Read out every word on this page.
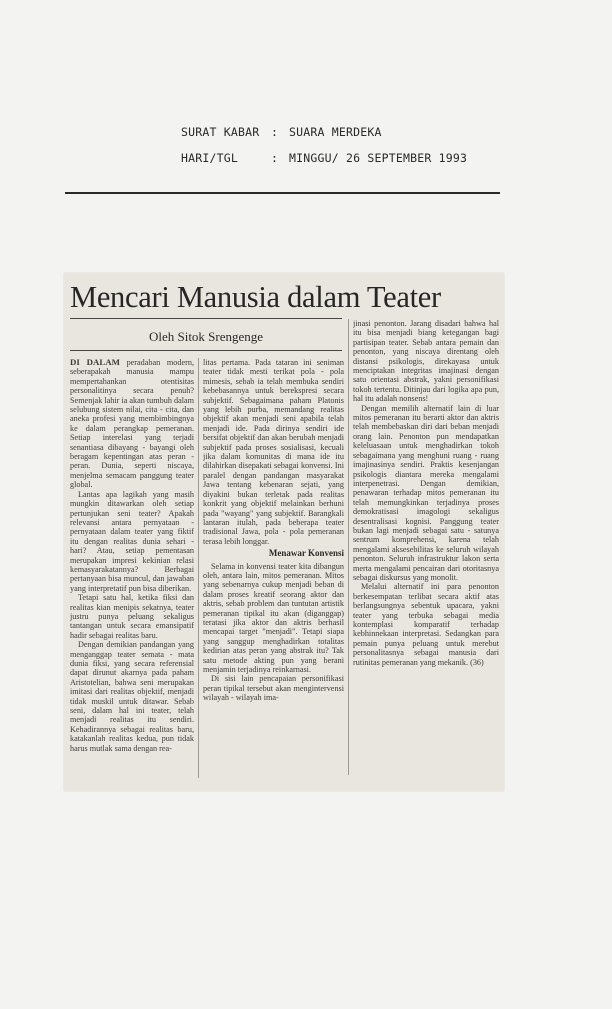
SURAT KABAR : SUARA MERDEKA
HARI/TGL	: MINGGU/ 26 SEPTEMBER 1993
Mencari Manusia dalam Teater
Oleh Sitok Srengenge

DI DALAM peradaban modern, seberapakah manusia mampu mempertahankan otentisitas personalitinya secara penuh? Semenjak lahir ia akan tumbuh dalam selubung sistem nilai, cita - cita, dan aneka profesi yang membimbingnya ke dalam perangkap pemeranan. Setiap interelasi yang terjadi senantiasa dibayang - bayangi oleh beragam kepentingan atas peran - peran. Dunia, seperti niscaya, menjelma semacam panggung teater global.

Lantas apa lagikah yang masih mungkin ditawarkan oleh setiap pertunjukan seni teater? Apakah relevansi antara pernyataan - pernyataan dalam teater yang fiktif itu dengan realitas dunia sehari - hari? Atau, setiap pementasan merupakan impresi kekinian relasi kemasyarakatannya? Berbagai pertanyaan bisa muncul, dan jawaban yang interpretatif pun bisa diberikan.

Tetapi satu hal, ketika fiksi dan realitas kian menipis sekatnya, teater justru punya peluang sekaligus tantangan untuk secara emansipatif hadir sebagai realitas baru.

Dengan demikian pandangan yang menganggap teater semata - mata dunia fiksi, yang secara referensial dapat dirunut akarnya pada paham Aristotelian, bahwa seni merupakan imitasi dari realitas objektif, menjadi tidak muskil untuk ditawar. Sebab seni, dalam hal ini teater, telah menjadi realitas itu sendiri. Kehadirannya sebagai realitas baru, katakanlah realitas kedua, pun tidak harus mutlak sama dengan rea-

litas pertama. Pada tataran ini seniman teater tidak mesti terikat pola - pola mimesis, sebab ia telah membuka sendiri kebebasannya untuk berekspresi secara subjektif. Sebagaimana paham Platonis yang lebih purba, memandang realitas objektif akan menjadi seni apabila telah menjadi ide. Pada dirinya sendiri ide bersifat objektif dan akan berubah menjadi subjektif pada proses sosialisasi, kecuali jika dalam komunitas di mana ide itu dilahirkan disepakati sebagai konvensi. Ini paralel dengan pandangan masyarakat Jawa tentang kebenaran sejati, yang diyakini bukan terletak pada realitas konkrit yang objektif melainkan berhuni pada "wayang" yang subjektif. Barangkali lantaran itulah, pada beberapa teater tradisional Jawa, pola - pola pemeranan terasa lebih longgar.

Menawar Konvensi

Selama in konvensi teater kita dibangun oleh, antara lain, mitos pemeranan. Mitos yang sebenarnya cukup menjadi beban di dalam proses kreatif seorang aktor dan aktris, sebab problem dan tuntutan artistik pemeranan tipikal itu akan (diganggap) teratasi jika aktor dan aktris berhasil mencapai target "menjadi". Tetapi siapa yang sanggup menghadirkan totalitas kedirian atas peran yang abstrak itu? Tak satu metode akting pun yang berani menjamin terjadinya reinkarnasi.

Di sisi lain pencapaian personifikasi peran tipikal tersebut akan mengintervensi wilayah - wilayah ima-

jinasi penonton. Jarang disadari bahwa hal itu bisa menjadi biang ketegangan bagi partisipan teater. Sebab antara pemain dan penonton, yang niscaya direntang oleh distansi psikologis, direkayasa untuk menciptakan integritas imajinasi dengan satu orientasi abstrak, yakni personifikasi tokoh tertentu. Ditinjau dari logika apa pun, hal itu adalah nonsens!

Dengan memilih alternatif lain di luar mitos pemeranan itu berarti aktor dan aktris telah membebaskan diri dari beban menjadi orang lain. Penonton pun mendapatkan keleluasaan untuk menghadirkan tokoh sebagaimana yang menghuni ruang - ruang imajinasinya sendiri. Praktis kesenjangan psikologis diantara mereka mengalami interpenetrasi. Dengan demikian, penawaran terhadap mitos pemeranan itu telah memungkinkan terjadinya proses demokratisasi imagologi sekaligus desentralisasi kognisi. Panggung teater bukan lagi menjadi sebagai satu - satunya sentrum komprehensi, karena telah mengalami aksesebilitas ke seluruh wilayah penonton. Seluruh infrastruktur lakon serta merta mengalami pencairan dari otoritasnya sebagai diskursus yang monolit.

Melalui alternatif ini para penonton berkesempatan terlibat secara aktif atas berlangsungnya sebentuk upacara, yakni teater yang terbuka sebagai media kontemplasi komparatif terhadap kebhinnekaan interpretasi. Sedangkan para pemain punya peluang untuk merebut personalitasnya sebagai manusia dari rutinitas pemeranan yang mekanik. (36)
